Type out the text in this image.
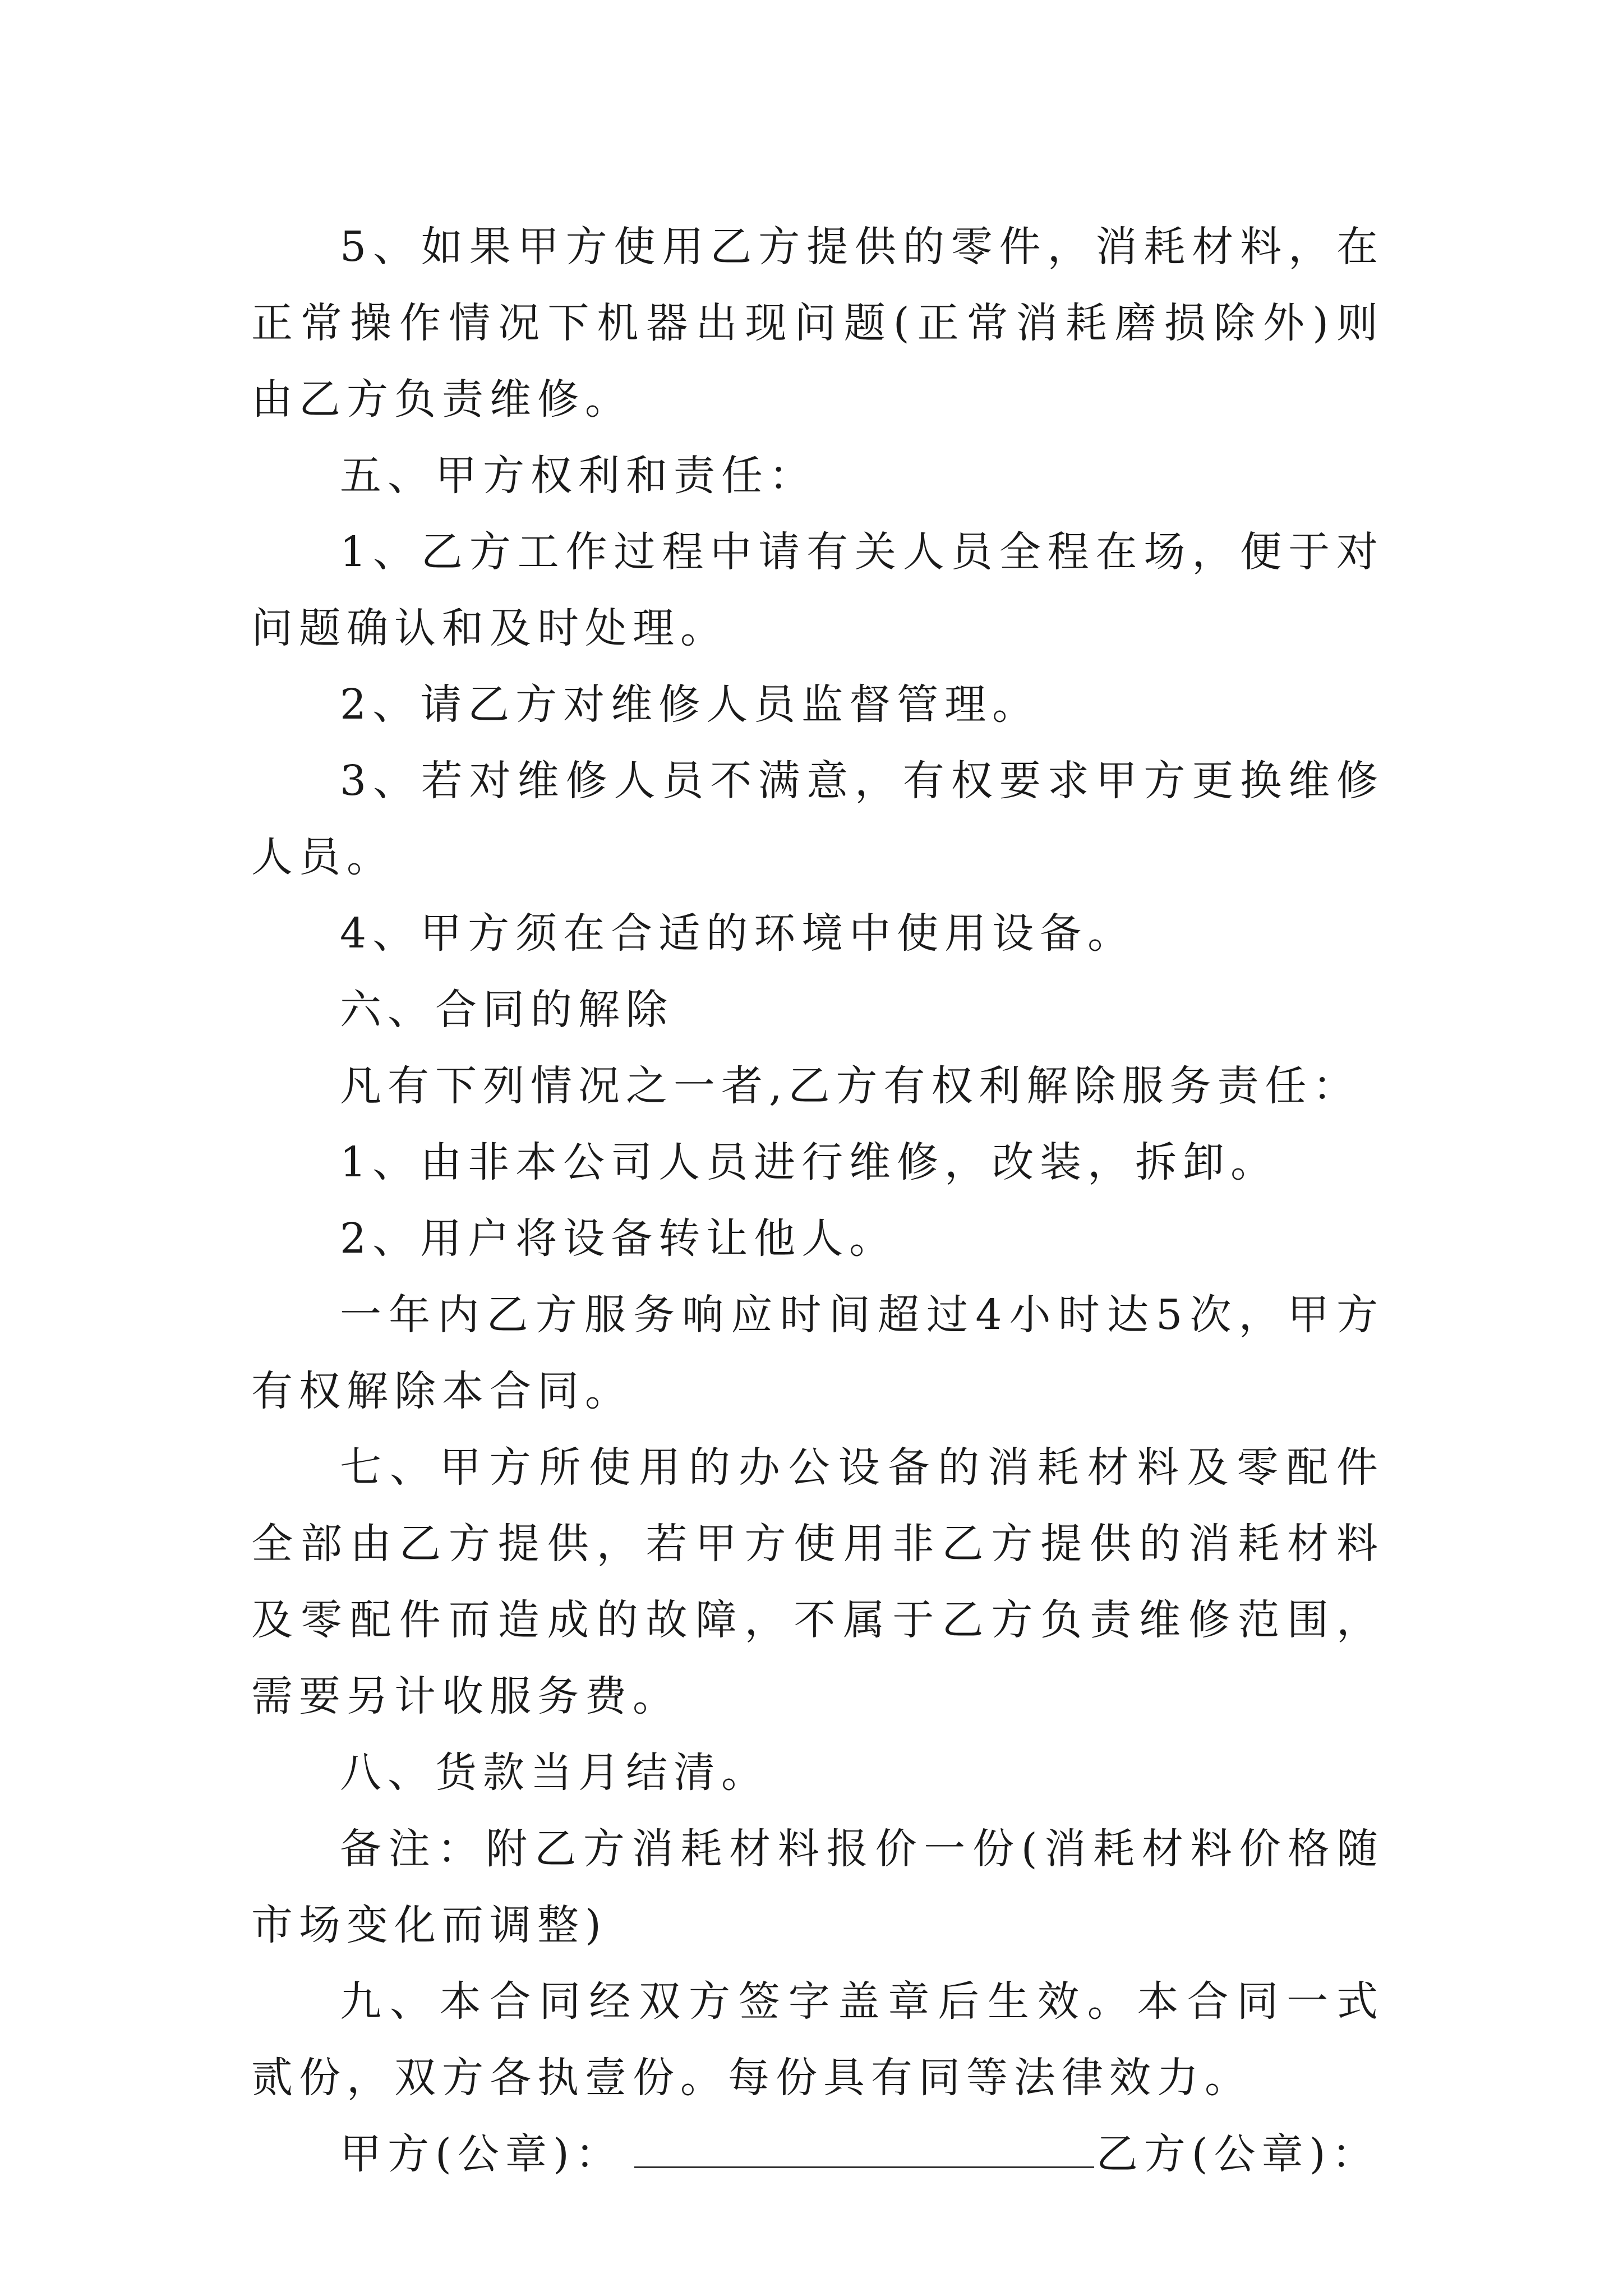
5、如果甲方使用乙方提供的零件，消耗材料，在正常操作情况下机器出现问题(正常消耗磨损除外)则由乙方负责维修。

五、甲方权利和责任：

1、乙方工作过程中请有关人员全程在场，便于对问题确认和及时处理。

2、请乙方对维修人员监督管理。

3、若对维修人员不满意，有权要求甲方更换维修人员。

4、甲方须在合适的环境中使用设备。

六、合同的解除

凡有下列情况之一者,乙方有权利解除服务责任：

1、由非本公司人员进行维修，改装，拆卸。

2、用户将设备转让他人。

一年内乙方服务响应时间超过4小时达5次，甲方有权解除本合同。

七、甲方所使用的办公设备的消耗材料及零配件全部由乙方提供，若甲方使用非乙方提供的消耗材料及零配件而造成的故障，不属于乙方负责维修范围，需要另计收服务费。

八、货款当月结清。

备注：附乙方消耗材料报价一份(消耗材料价格随市场变化而调整)

九、本合同经双方签字盖章后生效。本合同一式贰份，双方各执壹份。每份具有同等法律效力。

甲方(公章)：	乙方(公章)：
